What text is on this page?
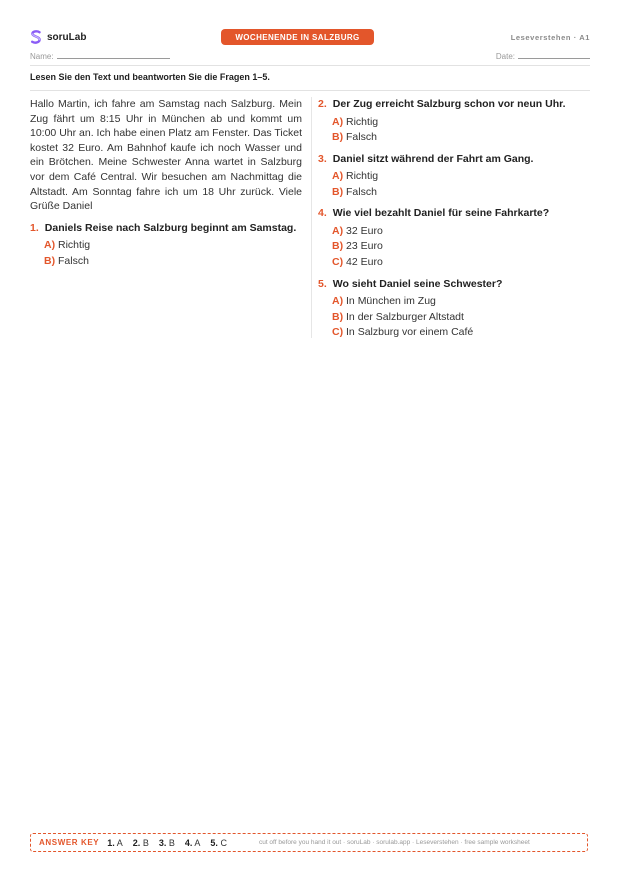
soruLab	WOCHENENDE IN SALZBURG	Leseverstehen · A1
Name:	Date:
Lesen Sie den Text und beantworten Sie die Fragen 1–5.

Hallo Martin, ich fahre am Samstag nach Salzburg. Mein Zug fährt um 8:15 Uhr in München ab und kommt um 10:00 Uhr an. Ich habe einen Platz am Fenster. Das Ticket kostet 32 Euro. Am Bahnhof kaufe ich noch Wasser und ein Brötchen. Meine Schwester Anna wartet in Salzburg vor dem Café Central. Wir besuchen am Nachmittag die Altstadt. Am Sonntag fahre ich um 18 Uhr zurück. Viele Grüße Daniel

1. Daniels Reise nach Salzburg beginnt am Samstag.
A) Richtig
B) Falsch
2. Der Zug erreicht Salzburg schon vor neun Uhr.
A) Richtig
B) Falsch
3. Daniel sitzt während der Fahrt am Gang.
A) Richtig
B) Falsch
4. Wie viel bezahlt Daniel für seine Fahrkarte?
A) 32 Euro
B) 23 Euro
C) 42 Euro
5. Wo sieht Daniel seine Schwester?
A) In München im Zug
B) In der Salzburger Altstadt
C) In Salzburg vor einem Café
ANSWER KEY 1. A 2. B 3. B 4. A 5. C	cut off before you hand it out · soruLab · sorulab.app · Leseverstehen · free sample worksheet
